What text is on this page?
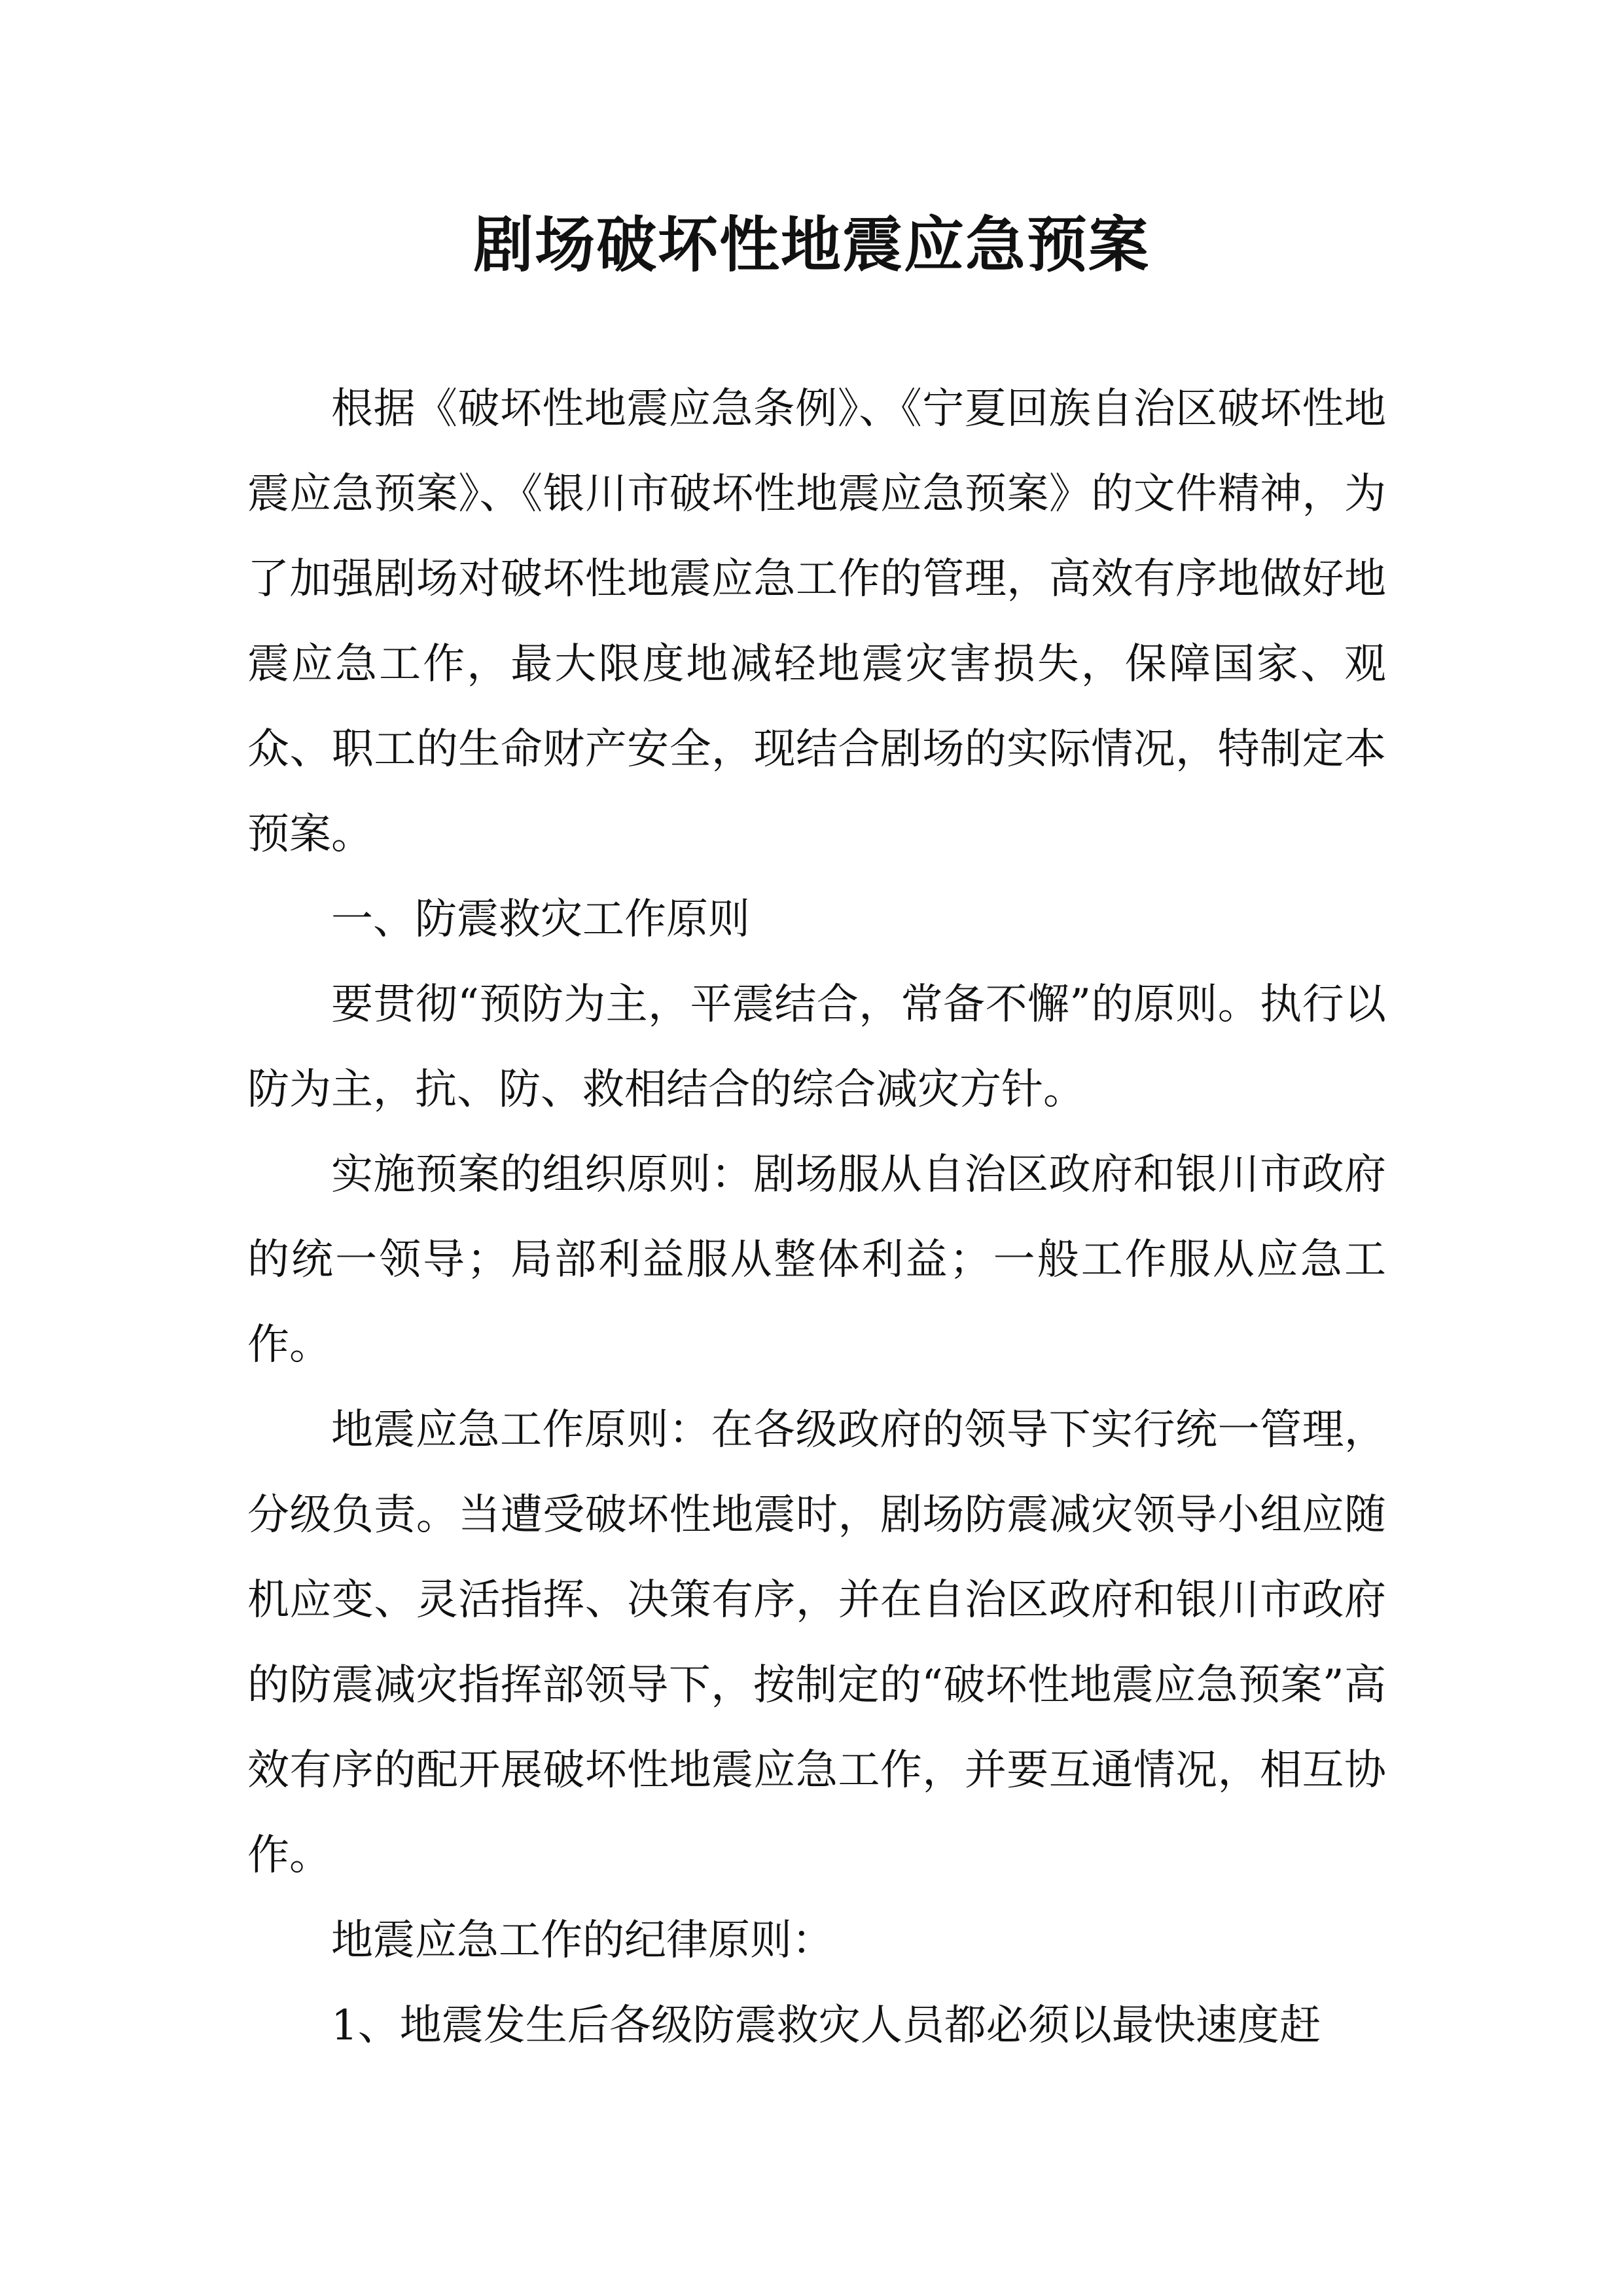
剧场破坏性地震应急预案

根据《破坏性地震应急条例》、《宁夏回族自治区破坏性地震应急预案》、《银川市破坏性地震应急预案》的文件精神，为了加强剧场对破坏性地震应急工作的管理，高效有序地做好地震应急工作，最大限度地减轻地震灾害损失，保障国家、观众、职工的生命财产安全，现结合剧场的实际情况，特制定本预案。

一、防震救灾工作原则

要贯彻“预防为主，平震结合，常备不懈”的原则。执行以防为主，抗、防、救相结合的综合减灾方针。

实施预案的组织原则：剧场服从自治区政府和银川市政府的统一领导；局部利益服从整体利益；一般工作服从应急工作。

地震应急工作原则：在各级政府的领导下实行统一管理，分级负责。当遭受破坏性地震时，剧场防震减灾领导小组应随机应变、灵活指挥、决策有序，并在自治区政府和银川市政府的防震减灾指挥部领导下，按制定的“破坏性地震应急预案”高效有序的配开展破坏性地震应急工作，并要互通情况，相互协作。

地震应急工作的纪律原则：

1、地震发生后各级防震救灾人员都必须以最快速度赶
